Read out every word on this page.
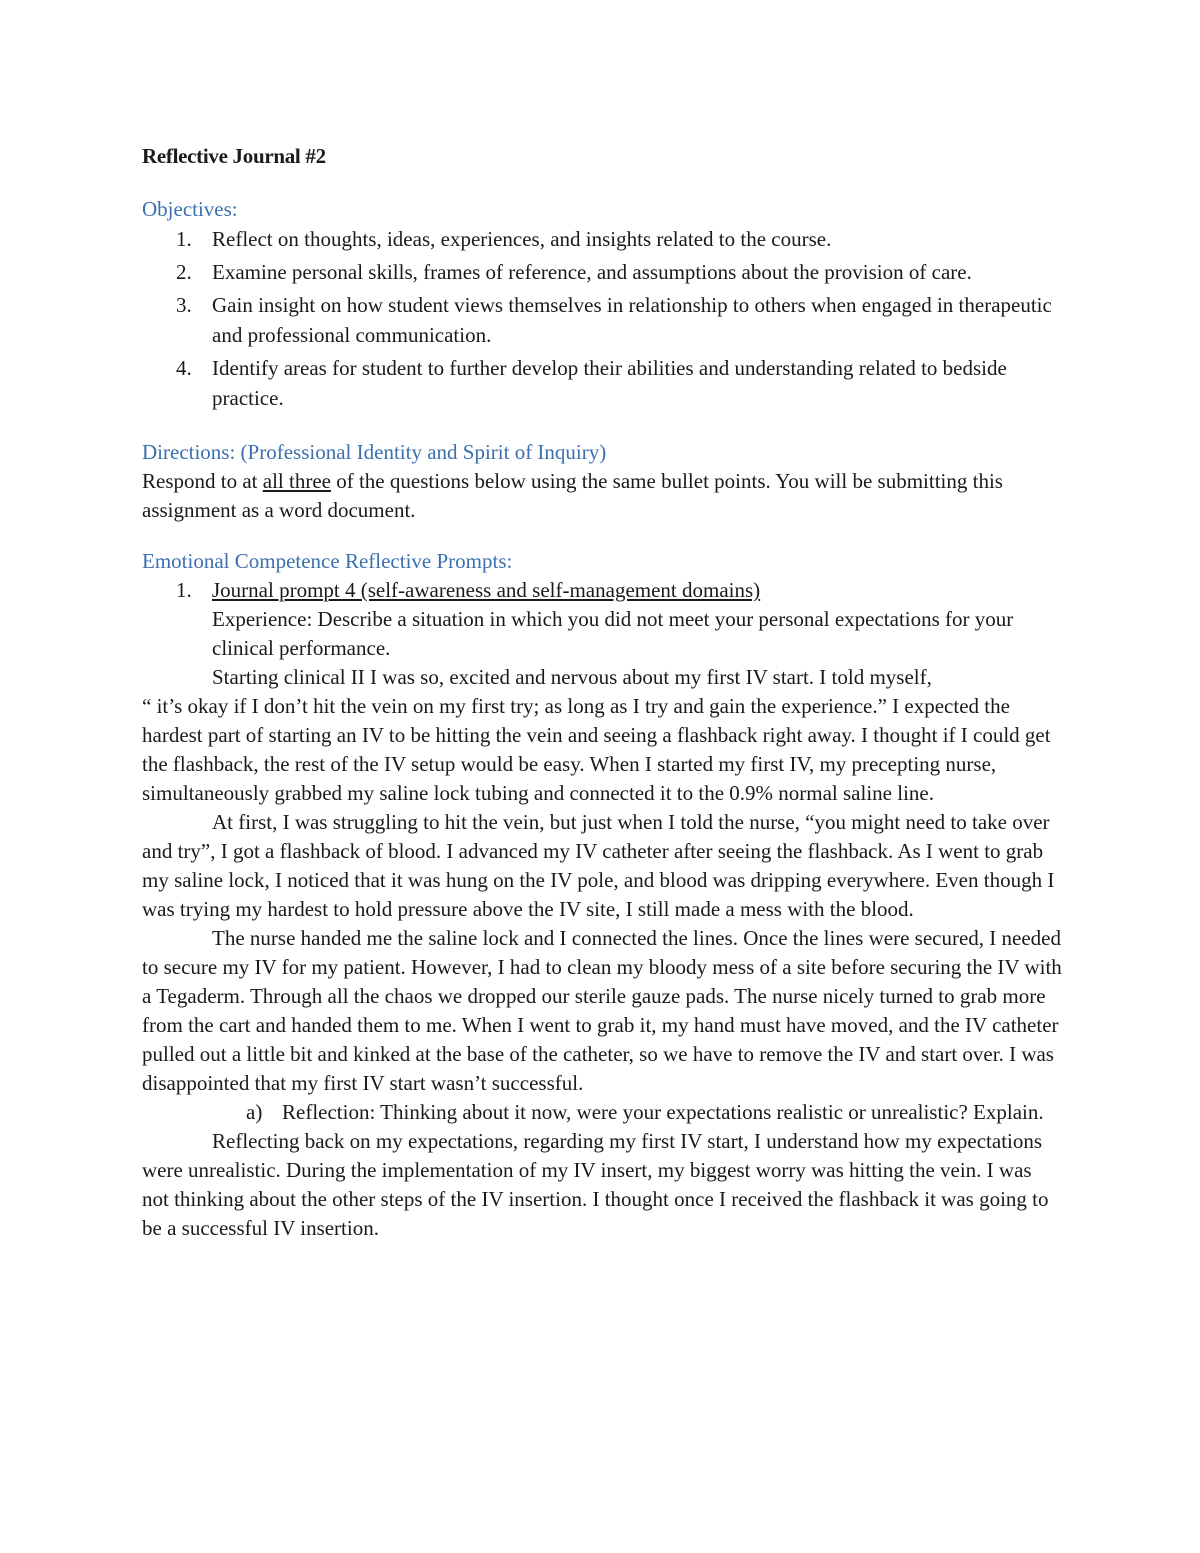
Reflective Journal #2

Objectives:

1. Reflect on thoughts, ideas, experiences, and insights related to the course.
2. Examine personal skills, frames of reference, and assumptions about the provision of care.
3. Gain insight on how student views themselves in relationship to others when engaged in therapeutic and professional communication.
4. Identify areas for student to further develop their abilities and understanding related to bedside practice.

Directions: (Professional Identity and Spirit of Inquiry)

Respond to at all three of the questions below using the same bullet points. You will be submitting this assignment as a word document.

Emotional Competence Reflective Prompts:

1. Journal prompt 4 (self-awareness and self-management domains)

Experience: Describe a situation in which you did not meet your personal expectations for your clinical performance.

Starting clinical II I was so, excited and nervous about my first IV start. I told myself,

“ it’s okay if I don’t hit the vein on my first try; as long as I try and gain the experience.” I expected the hardest part of starting an IV to be hitting the vein and seeing a flashback right away. I thought if I could get the flashback, the rest of the IV setup would be easy. When I started my first IV, my precepting nurse, simultaneously grabbed my saline lock tubing and connected it to the 0.9% normal saline line.

At first, I was struggling to hit the vein, but just when I told the nurse, “you might need to take over and try”, I got a flashback of blood. I advanced my IV catheter after seeing the flashback. As I went to grab my saline lock, I noticed that it was hung on the IV pole, and blood was dripping everywhere. Even though I was trying my hardest to hold pressure above the IV site, I still made a mess with the blood.

The nurse handed me the saline lock and I connected the lines. Once the lines were secured, I needed to secure my IV for my patient. However, I had to clean my bloody mess of a site before securing the IV with a Tegaderm. Through all the chaos we dropped our sterile gauze pads. The nurse nicely turned to grab more from the cart and handed them to me. When I went to grab it, my hand must have moved, and the IV catheter pulled out a little bit and kinked at the base of the catheter, so we have to remove the IV and start over. I was disappointed that my first IV start wasn’t successful.

a) Reflection: Thinking about it now, were your expectations realistic or unrealistic? Explain.

Reflecting back on my expectations, regarding my first IV start, I understand how my expectations were unrealistic. During the implementation of my IV insert, my biggest worry was hitting the vein. I was not thinking about the other steps of the IV insertion. I thought once I received the flashback it was going to be a successful IV insertion.
